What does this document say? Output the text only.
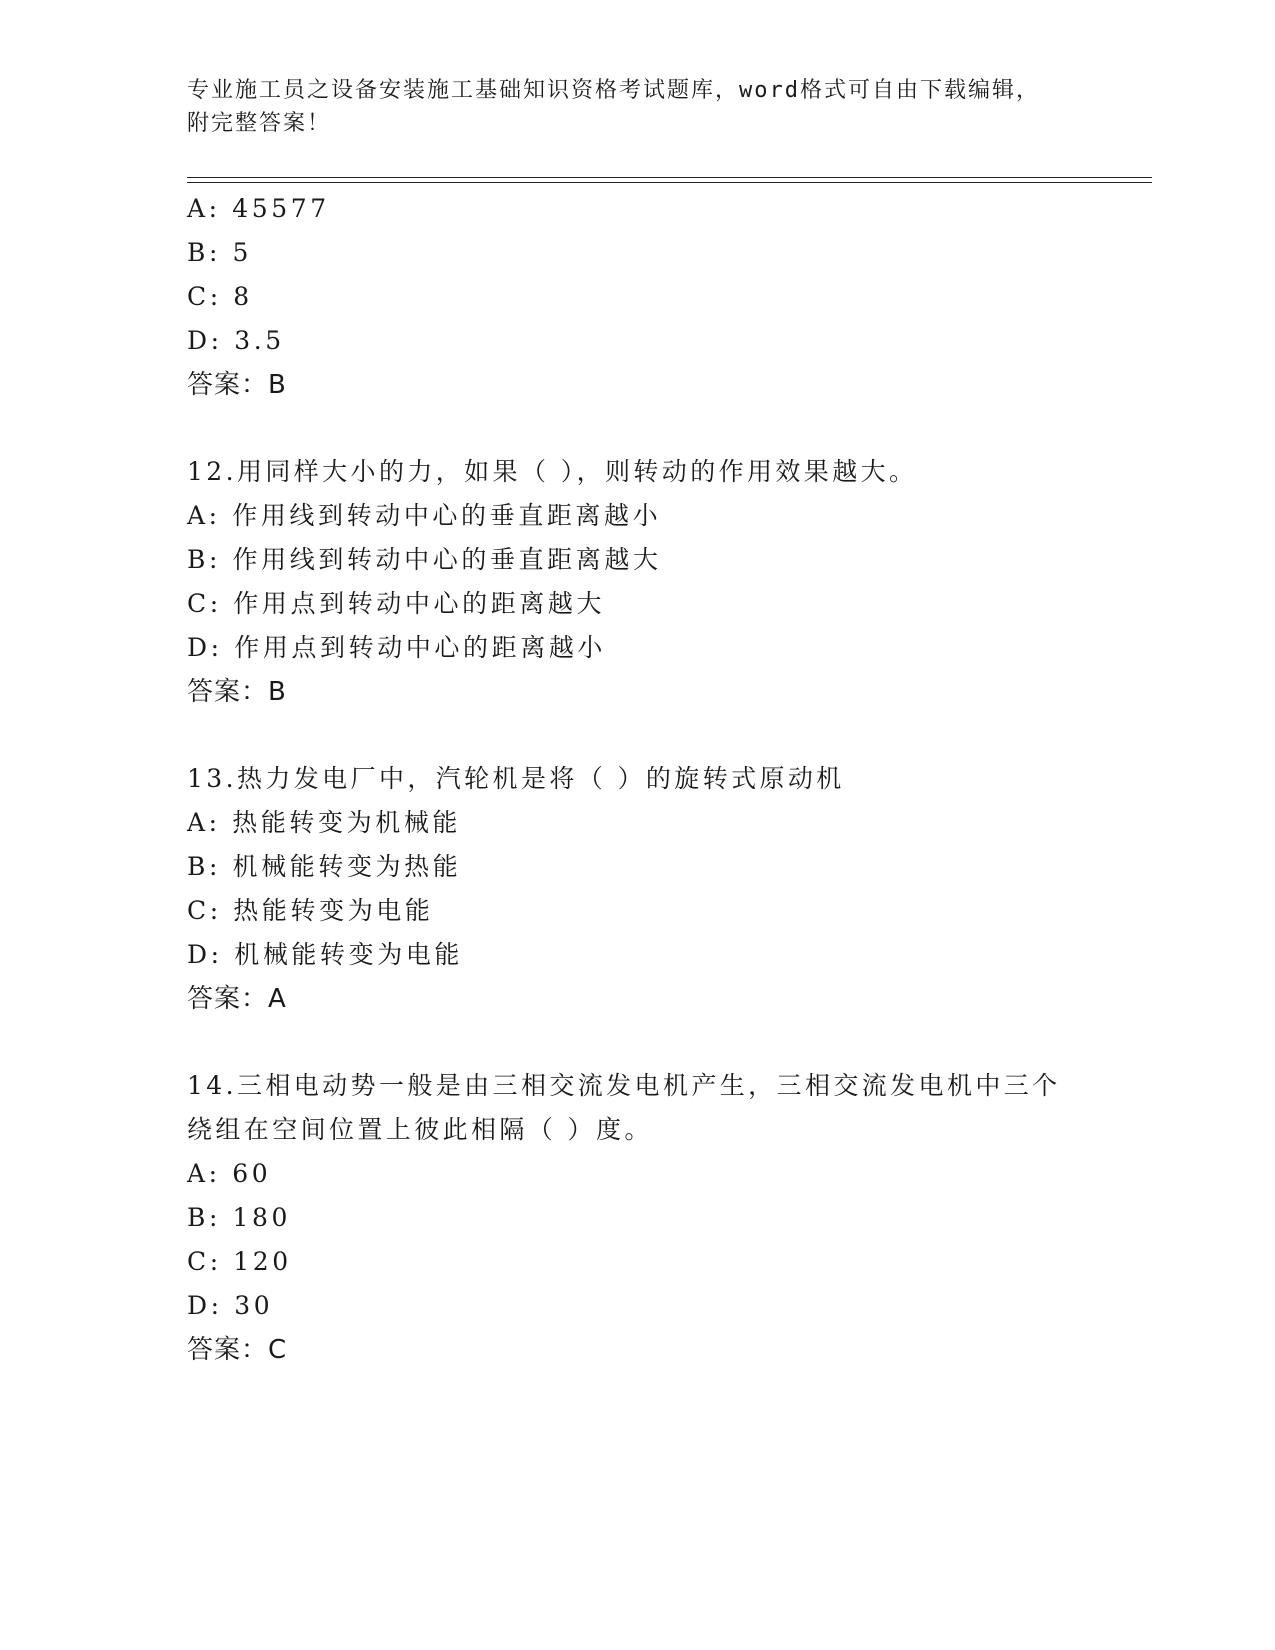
专业施工员之设备安装施工基础知识资格考试题库，word格式可自由下载编辑，
附完整答案！
A: 45577
B: 5
C: 8
D: 3.5
答案：B
12.用同样大小的力，如果（ ），则转动的作用效果越大。
A: 作用线到转动中心的垂直距离越小
B: 作用线到转动中心的垂直距离越大
C: 作用点到转动中心的距离越大
D: 作用点到转动中心的距离越小
答案：B
13.热力发电厂中，汽轮机是将（ ）的旋转式原动机
A: 热能转变为机械能
B: 机械能转变为热能
C: 热能转变为电能
D: 机械能转变为电能
答案：A
14.三相电动势一般是由三相交流发电机产生，三相交流发电机中三个
绕组在空间位置上彼此相隔（ ）度。
A: 60
B: 180
C: 120
D: 30
答案：C
